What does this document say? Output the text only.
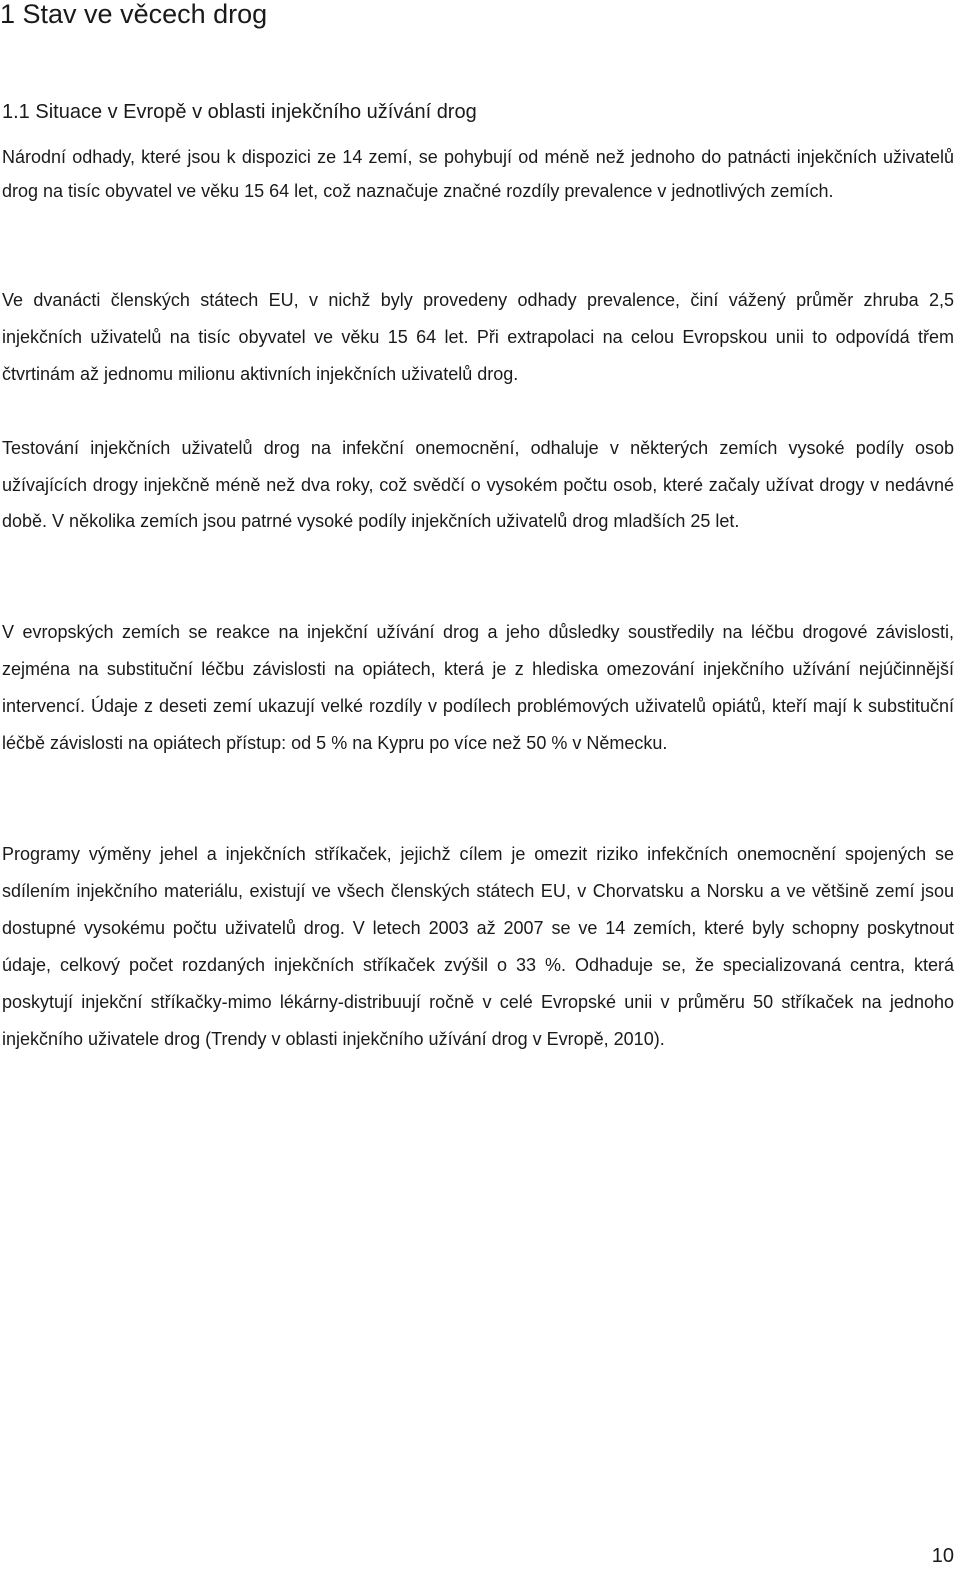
1 Stav ve věcech drog
1.1 Situace v Evropě v oblasti injekčního užívání drog

Národní odhady, které jsou k dispozici ze 14 zemí, se pohybují od méně než jednoho do patnácti injekčních uživatelů drog na tisíc obyvatel ve věku 15 64 let, což naznačuje značné rozdíly prevalence v jednotlivých zemích.

Ve dvanácti členských státech EU, v nichž byly provedeny odhady prevalence, činí vážený průměr zhruba 2,5 injekčních uživatelů na tisíc obyvatel ve věku 15 64 let. Při extrapolaci na celou Evropskou unii to odpovídá třem čtvrtinám až jednomu milionu aktivních injekčních uživatelů drog.

Testování injekčních uživatelů drog na infekční onemocnění, odhaluje v některých zemích vysoké podíly osob užívajících drogy injekčně méně než dva roky, což svědčí o vysokém počtu osob, které začaly užívat drogy v nedávné době. V několika zemích jsou patrné vysoké podíly injekčních uživatelů drog mladších 25 let.

V evropských zemích se reakce na injekční užívání drog a jeho důsledky soustředily na léčbu drogové závislosti, zejména na substituční léčbu závislosti na opiátech, která je z hlediska omezování injekčního užívání nejúčinnější intervencí. Údaje z deseti zemí ukazují velké rozdíly v podílech problémových uživatelů opiátů, kteří mají k substituční léčbě závislosti na opiátech přístup: od 5 % na Kypru po více než 50 % v Německu.

Programy výměny jehel a injekčních stříkaček, jejichž cílem je omezit riziko infekčních onemocnění spojených se sdílením injekčního materiálu, existují ve všech členských státech EU, v Chorvatsku a Norsku a ve většině zemí jsou dostupné vysokému počtu uživatelů drog. V letech 2003 až 2007 se ve 14 zemích, které byly schopny poskytnout údaje, celkový počet rozdaných injekčních stříkaček zvýšil o 33 %. Odhaduje se, že specializovaná centra, která poskytují injekční stříkačky-mimo lékárny-distribuují ročně v celé Evropské unii v průměru 50 stříkaček na jednoho injekčního uživatele drog (Trendy v oblasti injekčního užívání drog v Evropě, 2010).

10
